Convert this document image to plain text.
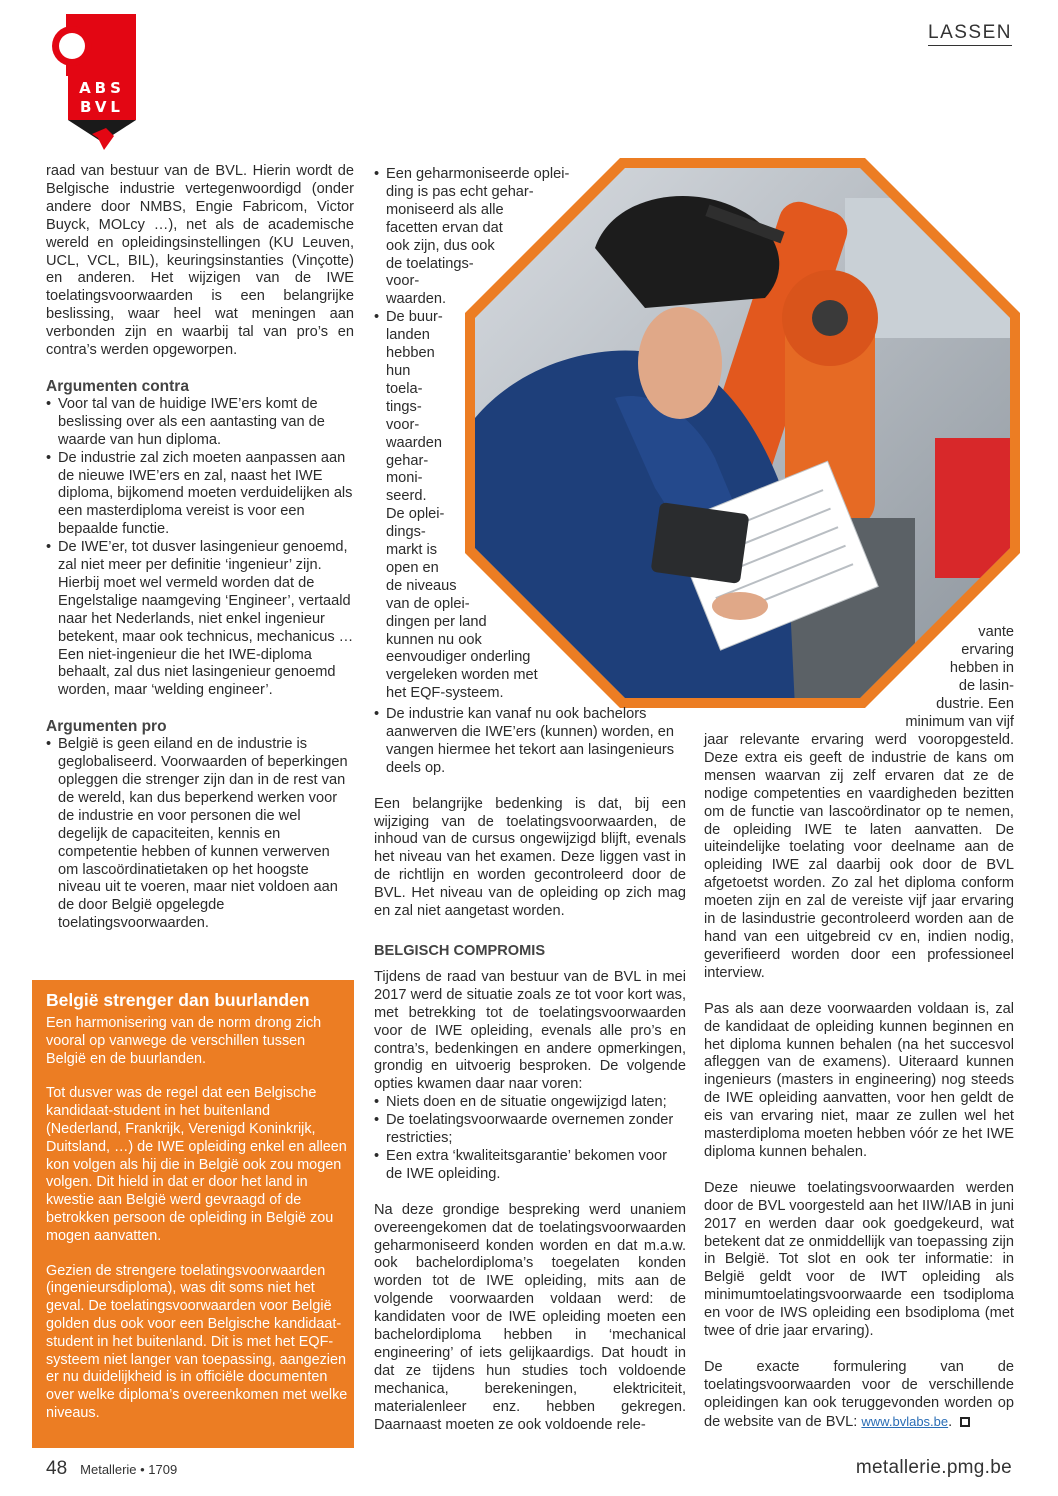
ABS
BVL
LASSEN

raad van bestuur van de BVL. Hierin wordt de Belgische industrie vertegenwoordigd (onder andere door NMBS, Engie Fabricom, Victor Buyck, MOLcy …), net als de academische wereld en opleidingsinstellingen (KU Leuven, UCL, VCL, BIL), keuringsinstanties (Vinçotte) en anderen. Het wijzigen van de IWE toelatingsvoorwaarden is een belangrijke beslissing, waar heel wat meningen aan verbonden zijn en waarbij tal van pro’s en contra’s werden opgeworpen.

Argumenten contra
• Voor tal van de huidige IWE’ers komt de beslissing over als een aantasting van de waarde van hun diploma.
• De industrie zal zich moeten aanpassen aan de nieuwe IWE’ers en zal, naast het IWE diploma, bijkomend moeten verduidelijken als een masterdiploma vereist is voor een bepaalde functie.
• De IWE’er, tot dusver lasingenieur genoemd, zal niet meer per definitie ‘ingenieur’ zijn. Hierbij moet wel vermeld worden dat de Engelstalige naamgeving ‘Engineer’, vertaald naar het Nederlands, niet enkel ingenieur betekent, maar ook technicus, mechanicus … Een niet-ingenieur die het IWE-diploma behaalt, zal dus niet lasingenieur genoemd worden, maar ‘welding engineer’.
Argumenten pro
• België is geen eiland en de industrie is geglobaliseerd. Voorwaarden of beperkingen opleggen die strenger zijn dan in de rest van de wereld, kan dus beperkend werken voor de industrie en voor personen die wel degelijk de capaciteiten, kennis en competentie hebben of kunnen verwerven om lascoördinatietaken op het hoogste niveau uit te voeren, maar niet voldoen aan de door België opgelegde toelatingsvoorwaarden.
België strenger dan buurlanden

Een harmonisering van de norm drong zich vooral op vanwege de verschillen tussen België en de buurlanden.

Tot dusver was de regel dat een Belgische kandidaat-student in het buitenland (Nederland, Frankrijk, Verenigd Koninkrijk, Duitsland, …) de IWE opleiding enkel en alleen kon volgen als hij die in België ook zou mogen volgen. Dit hield in dat er door het land in kwestie aan België werd gevraagd of de betrokken persoon de opleiding in België zou mogen aanvatten.

Gezien de strengere toelatingsvoorwaarden (ingenieursdiploma), was dit soms niet het geval. De toelatingsvoorwaarden voor België golden dus ook voor een Belgische kandidaat-student in het buitenland. Dit is met het EQF-systeem niet langer van toepassing, aangezien er nu duidelijkheid is in officiële documenten over welke diploma’s overeenkomen met welke niveaus.

• Een geharmoniseerde oplei-
ding is pas echt gehar-
moniseerd als alle
facetten ervan dat
ook zijn, dus ook
de toelatings-
voor-
waarden.
• De buur-
landen
hebben
hun
toela-
tings-
voor-
waarden
gehar-
moni-
seerd.
De oplei-
dings-
markt is
open en
de niveaus
van de oplei-
dingen per land
kunnen nu ook
eenvoudiger onderling
vergeleken worden met
het EQF-systeem.
• De industrie kan vanaf nu ook bachelors aanwerven die IWE’ers (kunnen) worden, en vangen hiermee het tekort aan lasingenieurs deels op.

Een belangrijke bedenking is dat, bij een wijziging van de toelatingsvoorwaarden, de inhoud van de cursus ongewijzigd blijft, evenals het niveau van het examen. Deze liggen vast in de richtlijn en worden gecontroleerd door de BVL. Het niveau van de opleiding op zich mag en zal niet aangetast worden.

BELGISCH COMPROMIS

Tijdens de raad van bestuur van de BVL in mei 2017 werd de situatie zoals ze tot voor kort was, met betrekking tot de toelatingsvoorwaarden voor de IWE opleiding, evenals alle pro’s en contra’s, bedenkingen en andere opmerkingen, grondig en uitvoerig besproken. De volgende opties kwamen daar naar voren:

• Niets doen en de situatie ongewijzigd laten;
• De toelatingsvoorwaarde overnemen zonder restricties;
• Een extra ‘kwaliteitsgarantie’ bekomen voor de IWE opleiding.

Na deze grondige bespreking werd unaniem overeengekomen dat de toelatingsvoorwaarden geharmoniseerd konden worden en dat m.a.w. ook bachelordiploma’s toegelaten konden worden tot de IWE opleiding, mits aan de volgende voorwaarden voldaan werd: de kandidaten voor de IWE opleiding moeten een bachelordiploma hebben in ‘mechanical engineering’ of iets gelijkaardigs. Dat houdt in dat ze tijdens hun studies toch voldoende mechanica, berekeningen, elektriciteit, materialenleer enz. hebben gekregen. Daarnaast moeten ze ook voldoende rele-

vante
ervaring
hebben in
de lasin-
dustrie. Een
minimum van vijf

jaar relevante ervaring werd vooropgesteld. Deze extra eis geeft de industrie de kans om mensen waarvan zij zelf ervaren dat ze de nodige competenties en vaardigheden bezitten om de functie van lascoördinator op te nemen, de opleiding IWE te laten aanvatten. De uiteindelijke toelating voor deelname aan de opleiding IWE zal daarbij ook door de BVL afgetoetst worden. Zo zal het diploma conform moeten zijn en zal de vereiste vijf jaar ervaring in de lasindustrie gecontroleerd worden aan de hand van een uitgebreid cv en, indien nodig, geverifieerd worden door een professioneel interview.

Pas als aan deze voorwaarden voldaan is, zal de kandidaat de opleiding kunnen beginnen en het diploma kunnen behalen (na het succesvol afleggen van de examens). Uiteraard kunnen ingenieurs (masters in engineering) nog steeds de IWE opleiding aanvatten, voor hen geldt de eis van ervaring niet, maar ze zullen wel het masterdiploma moeten hebben vóór ze het IWE diploma kunnen behalen.

Deze nieuwe toelatingsvoorwaarden werden door de BVL voorgesteld aan het IIW/IAB in juni 2017 en werden daar ook goedgekeurd, wat betekent dat ze onmiddellijk van toepassing zijn in België. Tot slot en ook ter informatie: in België geldt voor de IWT opleiding als minimumtoelatingsvoorwaarde een tsodiploma en voor de IWS opleiding een bsodiploma (met twee of drie jaar ervaring).

De exacte formulering van de toelatingsvoorwaarden voor de verschillende opleidingen kan ook teruggevonden worden op de website van de BVL: www.bvlabs.be.

48 Metallerie • 1709	metallerie.pmg.be
